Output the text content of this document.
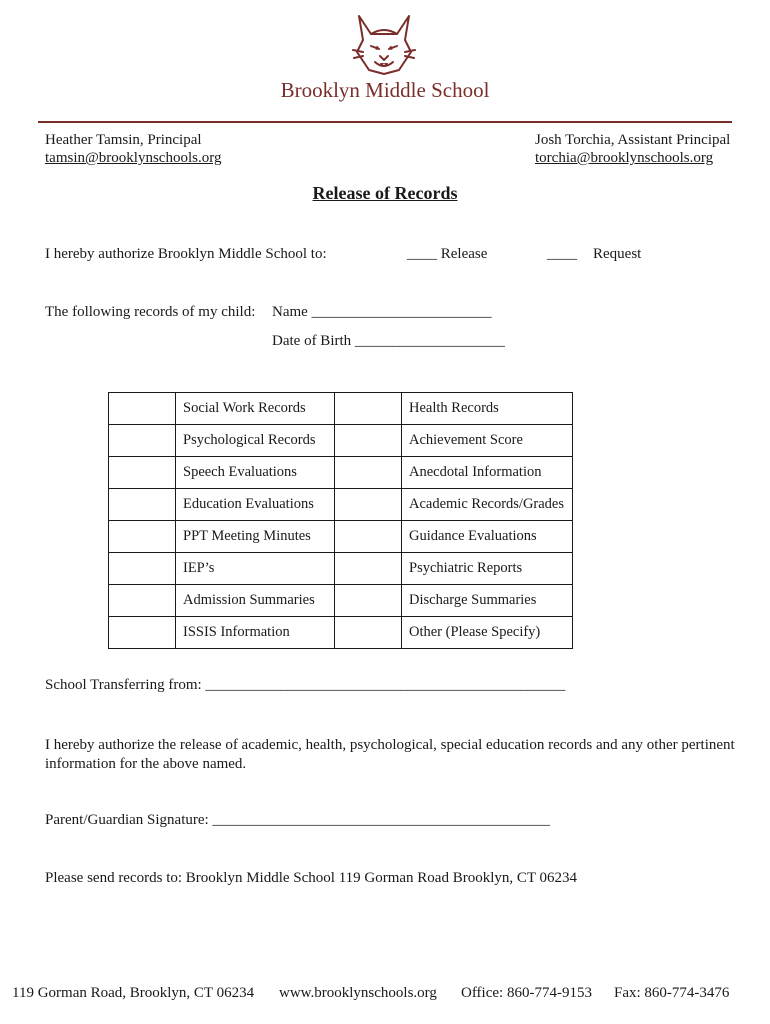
Brooklyn Middle School
Heather Tamsin, Principal
tamsin@brooklynschools.org
Josh Torchia, Assistant Principal
torchia@brooklynschools.org
Release of Records
I hereby authorize Brooklyn Middle School to:	____ Release	____ Request
The following records of my child: Name ________________________
Date of Birth ____________________
	Social Work Records		Health Records
	Psychological Records		Achievement Score
	Speech Evaluations		Anecdotal Information
	Education Evaluations		Academic Records/Grades
	PPT Meeting Minutes		Guidance Evaluations
	IEP’s		Psychiatric Reports
	Admission Summaries		Discharge Summaries
	ISSIS Information		Other (Please Specify)
School Transferring from: ________________________________________________
I hereby authorize the release of academic, health, psychological, special education records and any other pertinent information for the above named.
Parent/Guardian Signature: _____________________________________________
Please send records to: Brooklyn Middle School 119 Gorman Road Brooklyn, CT 06234
119 Gorman Road, Brooklyn, CT 06234 www.brooklynschools.org Office: 860-774-9153 Fax: 860-774-3476
